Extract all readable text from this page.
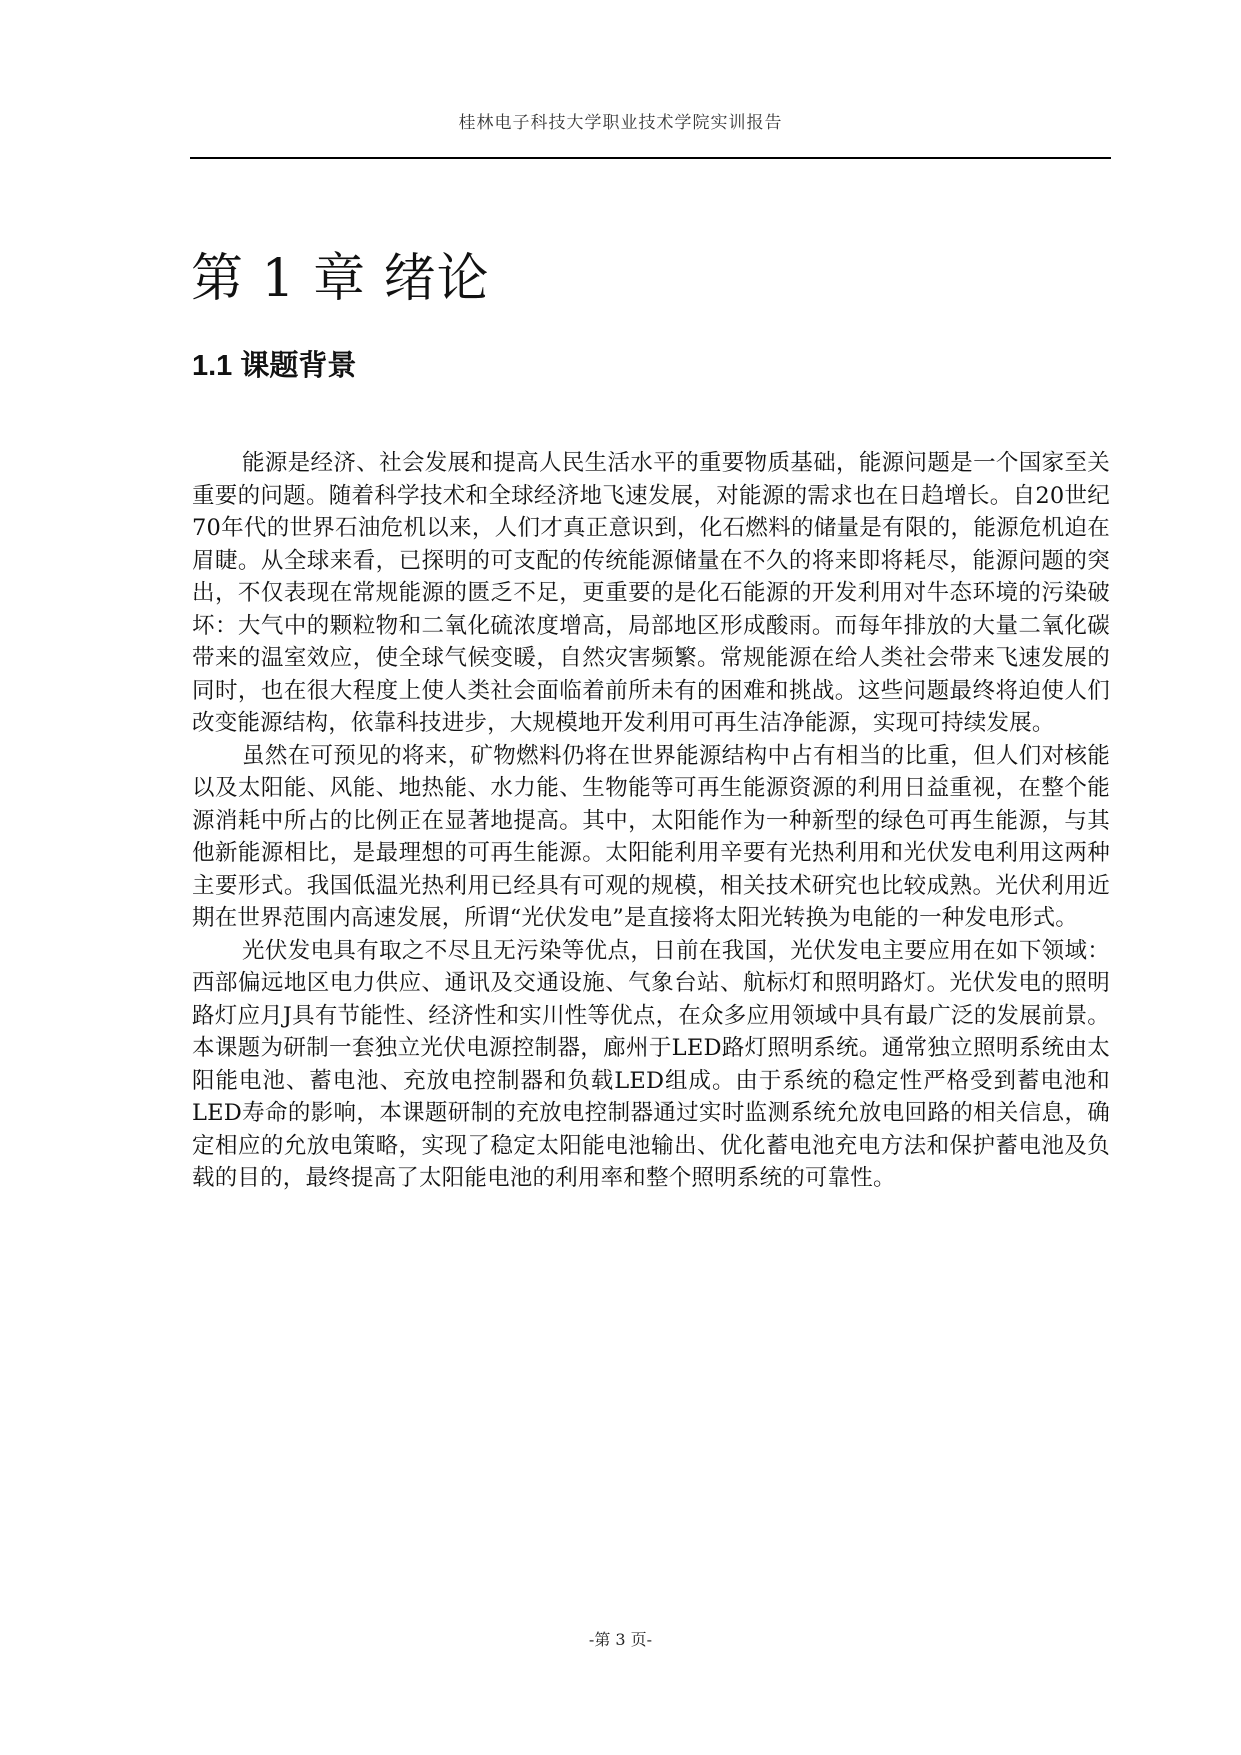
桂林电子科技大学职业技术学院实训报告
第 1 章 绪论
1.1 课题背景

能源是经济、社会发展和提高人民生活水平的重要物质基础，能源问题是一个国家至关重要的问题。随着科学技术和全球经济地飞速发展，对能源的需求也在日趋增长。自20世纪70年代的世界石油危机以来，人们才真正意识到，化石燃料的储量是有限的，能源危机迫在眉睫。从全球来看，已探明的可支配的传统能源储量在不久的将来即将耗尽，能源问题的突出，不仅表现在常规能源的匮乏不足，更重要的是化石能源的开发利用对牛态环境的污染破坏：大气中的颗粒物和二氧化硫浓度增高，局部地区形成酸雨。而每年排放的大量二氧化碳带来的温室效应，使全球气候变暖，自然灾害频繁。常规能源在给人类社会带来飞速发展的同时，也在很大程度上使人类社会面临着前所未有的困难和挑战。这些问题最终将迫使人们改变能源结构，依靠科技进步，大规模地开发利用可再生洁净能源，实现可持续发展。

虽然在可预见的将来，矿物燃料仍将在世界能源结构中占有相当的比重，但人们对核能以及太阳能、风能、地热能、水力能、生物能等可再生能源资源的利用日益重视，在整个能源消耗中所占的比例正在显著地提高。其中，太阳能作为一种新型的绿色可再生能源，与其他新能源相比，是最理想的可再生能源。太阳能利用辛要有光热利用和光伏发电利用这两种主要形式。我国低温光热利用已经具有可观的规模，相关技术研究也比较成熟。光伏利用近期在世界范围内高速发展，所谓“光伏发电”是直接将太阳光转换为电能的一种发电形式。

光伏发电具有取之不尽且无污染等优点，日前在我国，光伏发电主要应用在如下领域：西部偏远地区电力供应、通讯及交通设施、气象台站、航标灯和照明路灯。光伏发电的照明路灯应月J具有节能性、经济性和实川性等优点，在众多应用领域中具有最广泛的发展前景。本课题为研制一套独立光伏电源控制器，廊州于LED路灯照明系统。通常独立照明系统由太阳能电池、蓄电池、充放电控制器和负载LED组成。由于系统的稳定性严格受到蓄电池和LED寿命的影响，本课题研制的充放电控制器通过实时监测系统允放电回路的相关信息，确定相应的允放电策略，实现了稳定太阳能电池输出、优化蓄电池充电方法和保护蓄电池及负载的目的，最终提高了太阳能电池的利用率和整个照明系统的可靠性。

-第 3 页-
